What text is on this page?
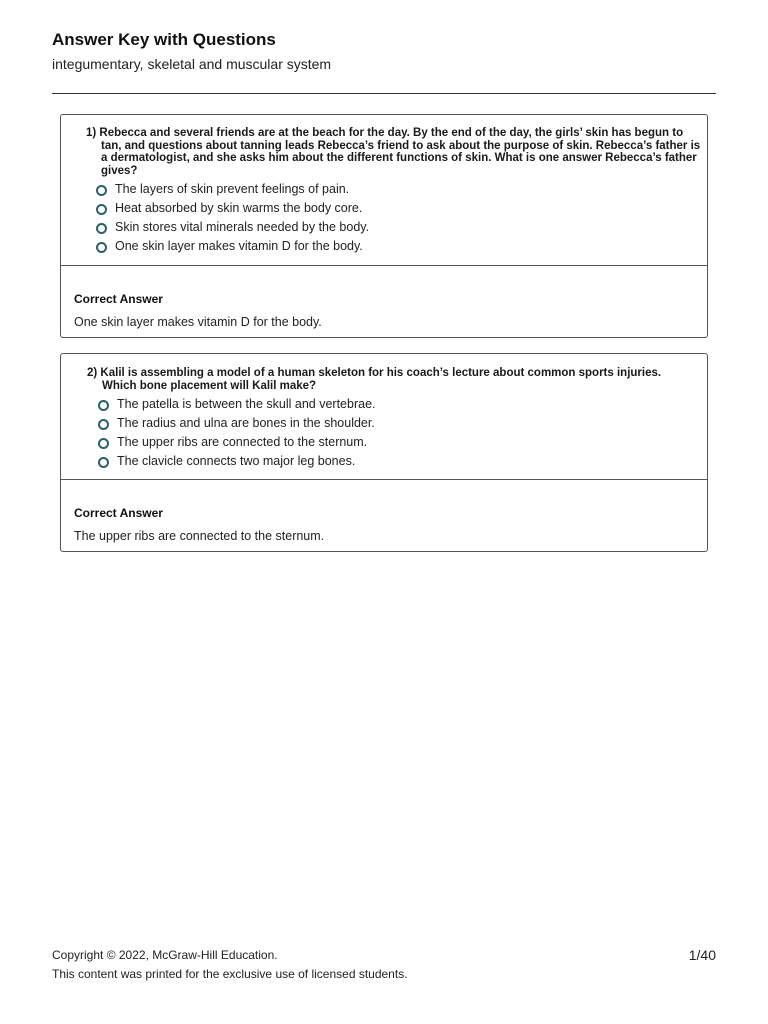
Answer Key with Questions
integumentary, skeletal and muscular system
1) Rebecca and several friends are at the beach for the day. By the end of the day, the girls’ skin has begun to tan, and questions about tanning leads Rebecca’s friend to ask about the purpose of skin. Rebecca’s father is a dermatologist, and she asks him about the different functions of skin. What is one answer Rebecca’s father gives?
The layers of skin prevent feelings of pain.
Heat absorbed by skin warms the body core.
Skin stores vital minerals needed by the body.
One skin layer makes vitamin D for the body.
Correct Answer
One skin layer makes vitamin D for the body.
2) Kalil is assembling a model of a human skeleton for his coach’s lecture about common sports injuries. Which bone placement will Kalil make?
The patella is between the skull and vertebrae.
The radius and ulna are bones in the shoulder.
The upper ribs are connected to the sternum.
The clavicle connects two major leg bones.
Correct Answer
The upper ribs are connected to the sternum.
Copyright © 2022, McGraw-Hill Education.	1/40
This content was printed for the exclusive use of licensed students.
